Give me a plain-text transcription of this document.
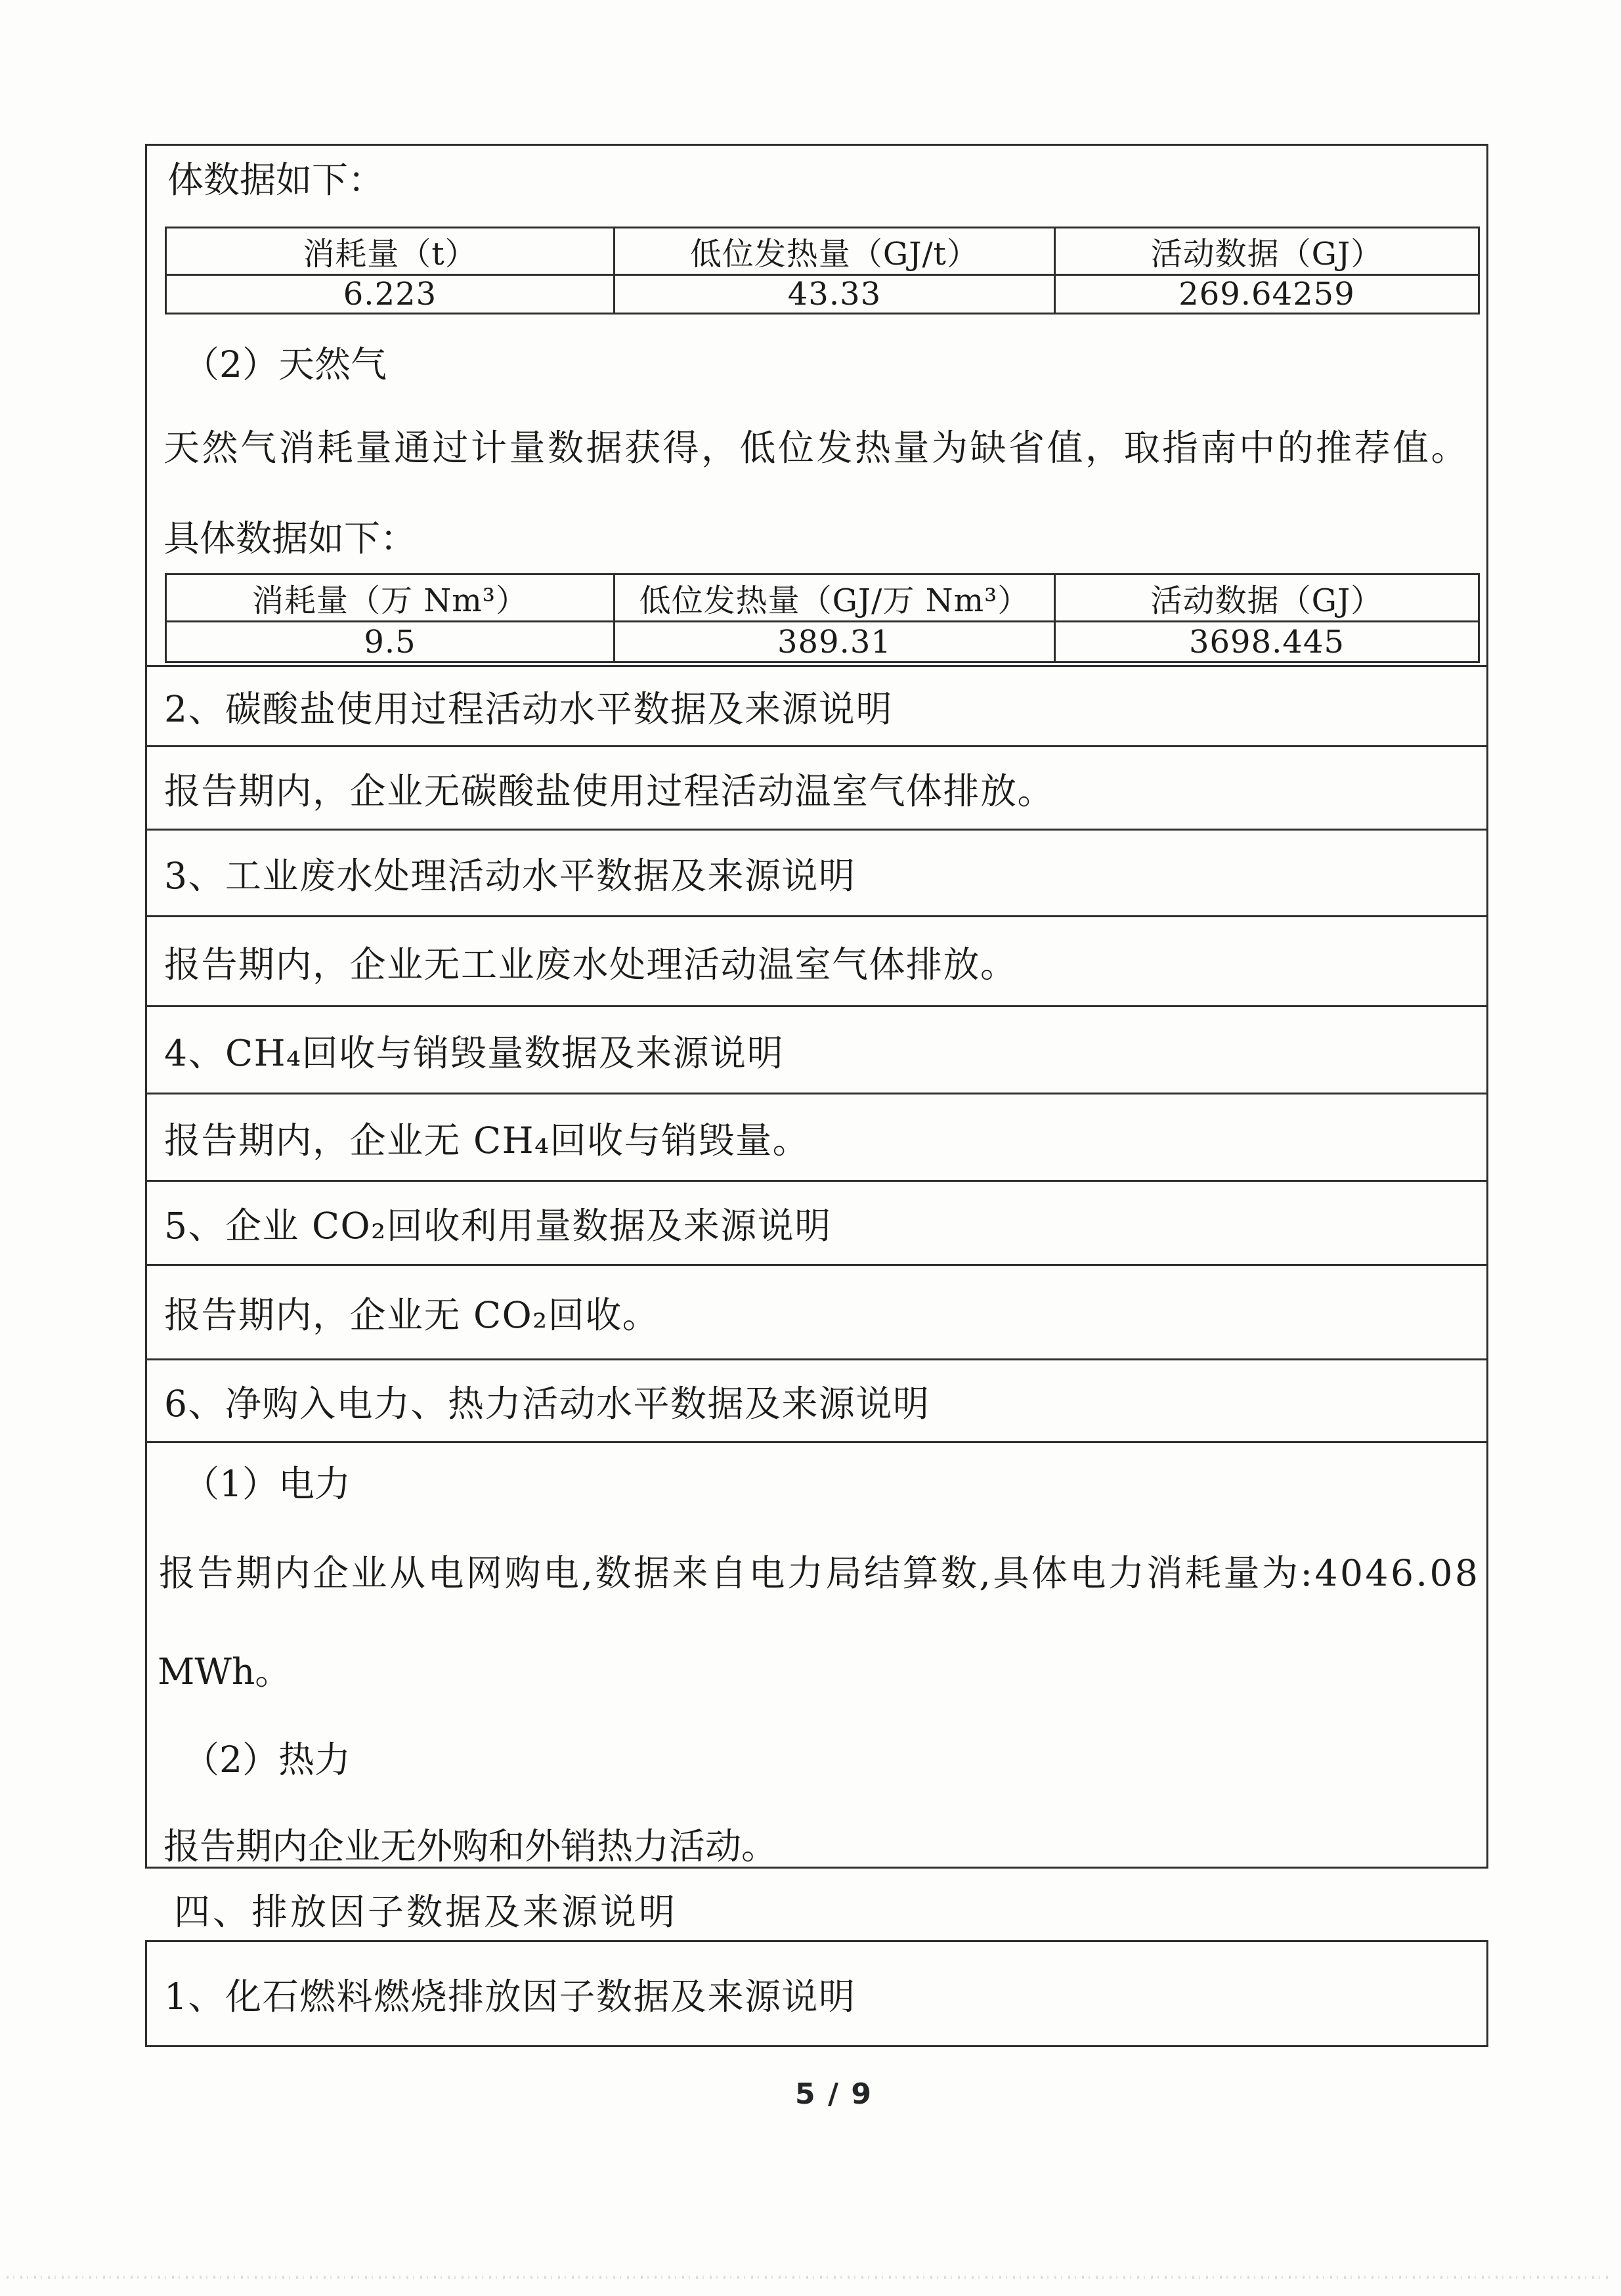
体数据如下：
消耗量（t）	低位发热量（GJ/t）	活动数据（GJ）
6.223	43.33	269.64259
（2）天然气
天然气消耗量通过计量数据获得，低位发热量为缺省值，取指南中的推荐值。
具体数据如下：
消耗量（万 Nm³）	低位发热量（GJ/万 Nm³）	活动数据（GJ）
9.5	389.31	3698.445
2、碳酸盐使用过程活动水平数据及来源说明
报告期内，企业无碳酸盐使用过程活动温室气体排放。
3、工业废水处理活动水平数据及来源说明
报告期内，企业无工业废水处理活动温室气体排放。
4、CH₄回收与销毁量数据及来源说明
报告期内，企业无 CH₄回收与销毁量。
5、企业 CO₂回收利用量数据及来源说明
报告期内，企业无 CO₂回收。
6、净购入电力、热力活动水平数据及来源说明
（1）电力
报告期内企业从电网购电,数据来自电力局结算数,具体电力消耗量为:4046.08
MWh。
（2）热力
报告期内企业无外购和外销热力活动。
四、排放因子数据及来源说明
1、化石燃料燃烧排放因子数据及来源说明
5 / 9
